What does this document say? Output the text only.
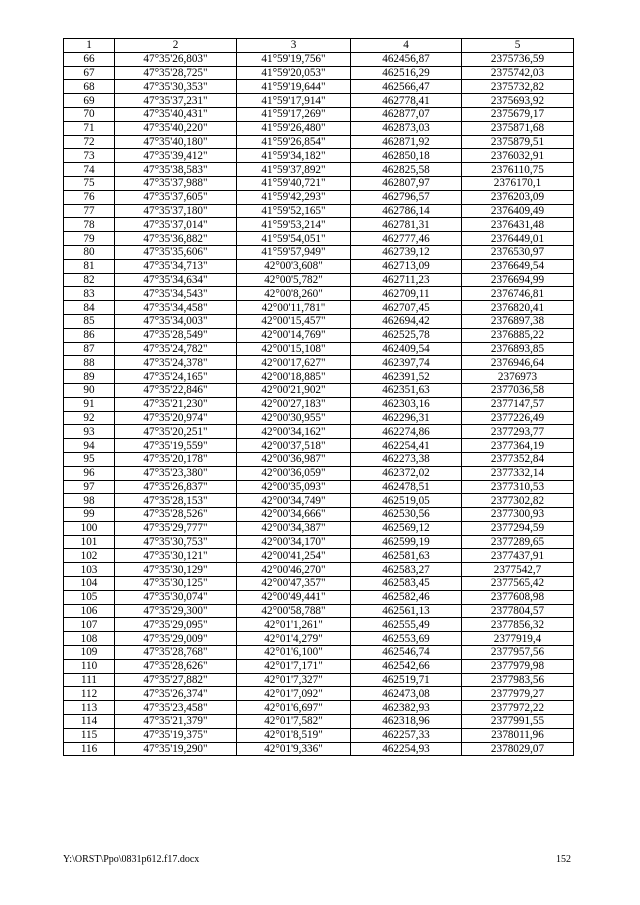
1	2	3	4	5
66	47°35'26,803"	41°59'19,756"	462456,87	2375736,59
67	47°35'28,725"	41°59'20,053"	462516,29	2375742,03
68	47°35'30,353"	41°59'19,644"	462566,47	2375732,82
69	47°35'37,231"	41°59'17,914"	462778,41	2375693,92
70	47°35'40,431"	41°59'17,269"	462877,07	2375679,17
71	47°35'40,220"	41°59'26,480"	462873,03	2375871,68
72	47°35'40,180"	41°59'26,854"	462871,92	2375879,51
73	47°35'39,412"	41°59'34,182"	462850,18	2376032,91
74	47°35'38,583"	41°59'37,892"	462825,58	2376110,75
75	47°35'37,988"	41°59'40,721"	462807,97	2376170,1
76	47°35'37,605"	41°59'42,293"	462796,57	2376203,09
77	47°35'37,180"	41°59'52,165"	462786,14	2376409,49
78	47°35'37,014"	41°59'53,214"	462781,31	2376431,48
79	47°35'36,882"	41°59'54,051"	462777,46	2376449,01
80	47°35'35,606"	41°59'57,949"	462739,12	2376530,97
81	47°35'34,713"	42°00'3,608"	462713,09	2376649,54
82	47°35'34,634"	42°00'5,782"	462711,23	2376694,99
83	47°35'34,543"	42°00'8,260"	462709,11	2376746,81
84	47°35'34,458"	42°00'11,781"	462707,45	2376820,41
85	47°35'34,003"	42°00'15,457"	462694,42	2376897,38
86	47°35'28,549"	42°00'14,769"	462525,78	2376885,22
87	47°35'24,782"	42°00'15,108"	462409,54	2376893,85
88	47°35'24,378"	42°00'17,627"	462397,74	2376946,64
89	47°35'24,165"	42°00'18,885"	462391,52	2376973
90	47°35'22,846"	42°00'21,902"	462351,63	2377036,58
91	47°35'21,230"	42°00'27,183"	462303,16	2377147,57
92	47°35'20,974"	42°00'30,955"	462296,31	2377226,49
93	47°35'20,251"	42°00'34,162"	462274,86	2377293,77
94	47°35'19,559"	42°00'37,518"	462254,41	2377364,19
95	47°35'20,178"	42°00'36,987"	462273,38	2377352,84
96	47°35'23,380"	42°00'36,059"	462372,02	2377332,14
97	47°35'26,837"	42°00'35,093"	462478,51	2377310,53
98	47°35'28,153"	42°00'34,749"	462519,05	2377302,82
99	47°35'28,526"	42°00'34,666"	462530,56	2377300,93
100	47°35'29,777"	42°00'34,387"	462569,12	2377294,59
101	47°35'30,753"	42°00'34,170"	462599,19	2377289,65
102	47°35'30,121"	42°00'41,254"	462581,63	2377437,91
103	47°35'30,129"	42°00'46,270"	462583,27	2377542,7
104	47°35'30,125"	42°00'47,357"	462583,45	2377565,42
105	47°35'30,074"	42°00'49,441"	462582,46	2377608,98
106	47°35'29,300"	42°00'58,788"	462561,13	2377804,57
107	47°35'29,095"	42°01'1,261"	462555,49	2377856,32
108	47°35'29,009"	42°01'4,279"	462553,69	2377919,4
109	47°35'28,768"	42°01'6,100"	462546,74	2377957,56
110	47°35'28,626"	42°01'7,171"	462542,66	2377979,98
111	47°35'27,882"	42°01'7,327"	462519,71	2377983,56
112	47°35'26,374"	42°01'7,092"	462473,08	2377979,27
113	47°35'23,458"	42°01'6,697"	462382,93	2377972,22
114	47°35'21,379"	42°01'7,582"	462318,96	2377991,55
115	47°35'19,375"	42°01'8,519"	462257,33	2378011,96
116	47°35'19,290"	42°01'9,336"	462254,93	2378029,07
Y:\ORST\Ppo\0831p612.f17.docx	152
